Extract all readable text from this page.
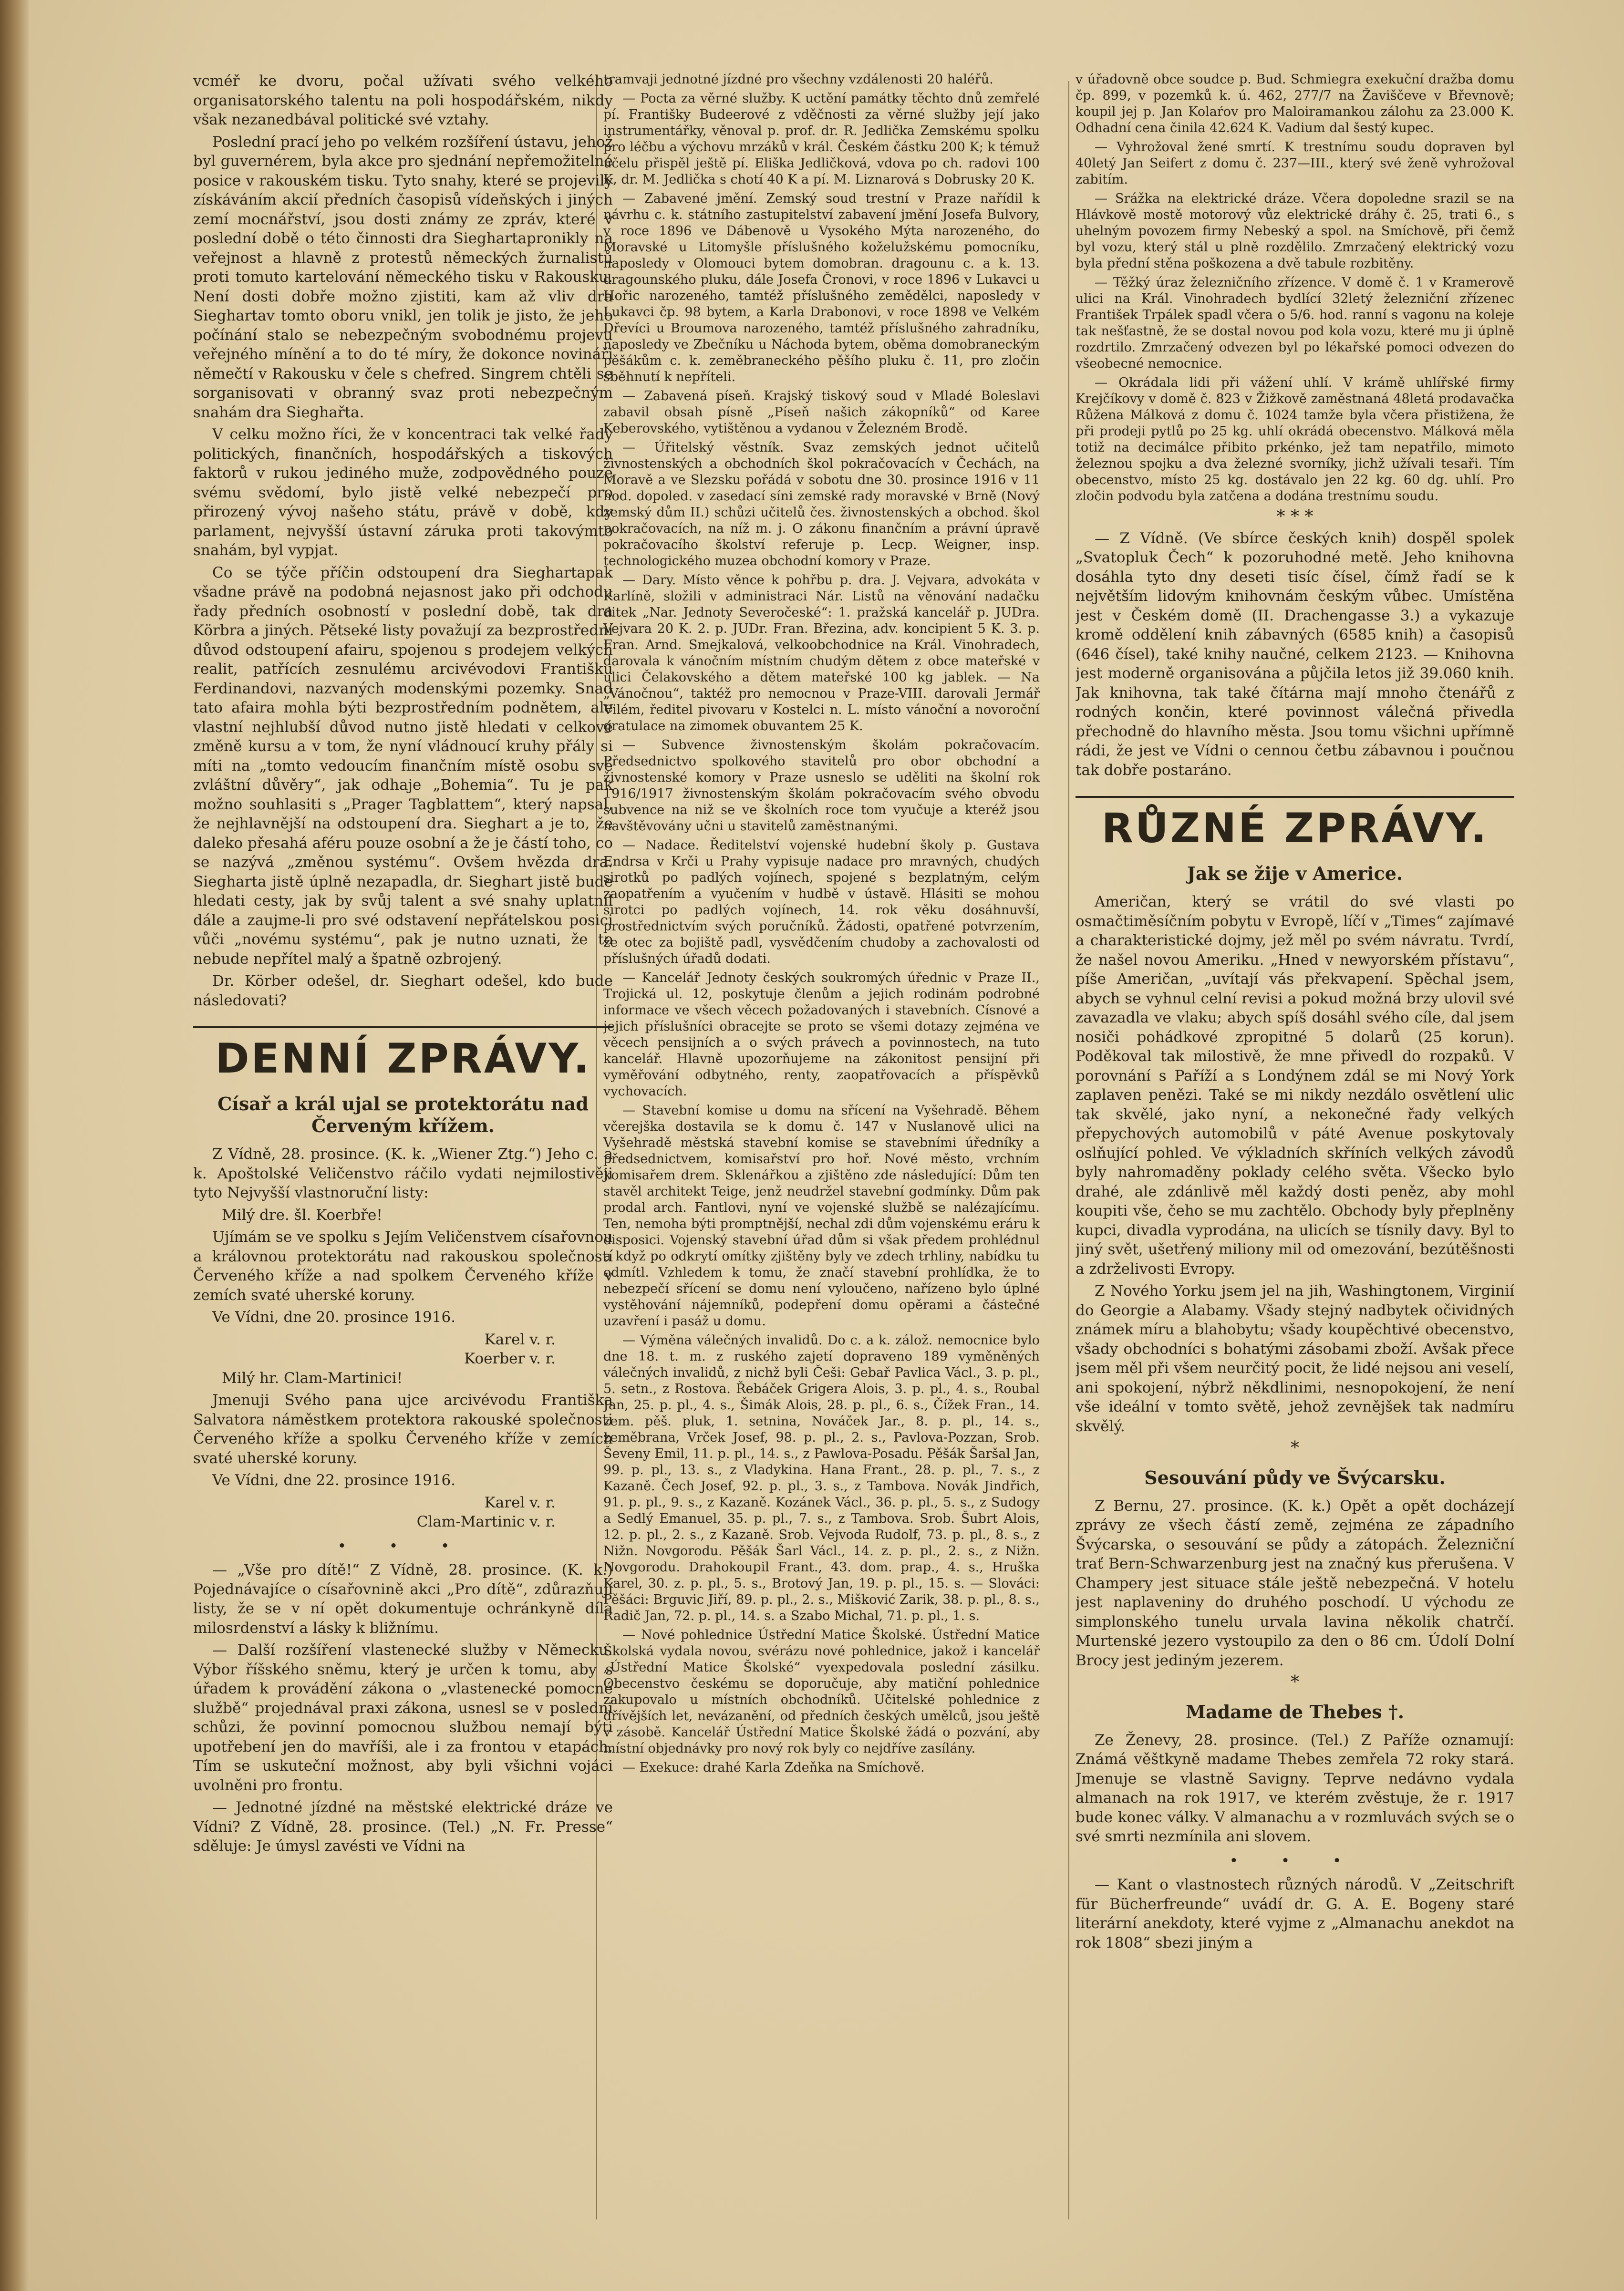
vcméř ke dvoru, počal užívati svého velkého organisatorského talentu na poli hospodářském, nikdy však nezanedbával politické své vztahy.

Poslední prací jeho po velkém rozšíření ústavu, jehož byl guvernérem, byla akce pro sjednání nepřemožitelné posice v rakouském tisku. Tyto snahy, které se projevily získáváním akcií předních časopisů vídeňských i jiných zemí mocnářství, jsou dosti známy ze zpráv, které v poslední době o této činnosti dra Sieghartapronikly na veřejnost a hlavně z protestů německých žurnalistů proti tomuto kartelování německého tisku v Rakousku. Není dosti dobře možno zjistiti, kam až vliv dra Sieghartav tomto oboru vnikl, jen tolik je jisto, že jeho počínání stalo se nebezpečným svobodnému projevu veřejného mínění a to do té míry, že dokonce novináři němečtí v Rakousku v čele s chefred. Singrem chtěli se sorganisovati v obranný svaz proti nebezpečným snahám dra Sieghařta.

V celku možno říci, že v koncentraci tak velké řady politických, finančních, hospodářských a tiskových faktorů v rukou jediného muže, zodpovědného pouze svému svědomí, bylo jistě velké nebezpečí pro přirozený vývoj našeho státu, právě v době, kdy parlament, nejvyšší ústavní záruka proti takovýmto snahám, byl vypjat.

Co se týče příčin odstoupení dra Sieghartapak všadne právě na podobná nejasnost jako při odchodu řady předních osobností v poslední době, tak dra Körbra a jiných. Pětseké listy považují za bezprostřední důvod odstoupení afairu, spojenou s prodejem velkých realit, patřících zesnulému arcivévodovi Františku Ferdinandovi, nazvaných modenskými pozemky. Snad tato afaira mohla býti bezprostředním podnětem, ale vlastní nejhlubší důvod nutno jistě hledati v celkové změně kursu a v tom, že nyní vládnoucí kruhy přály si míti na „tomto vedoucím finančním místě osobu své zvláštní důvěry“, jak odhaje „Bohemia“. Tu je pak možno souhlasiti s „Prager Tagblattem“, který napsal, že nejhlavnější na odstoupení dra. Sieghart a je to, že daleko přesahá aféru pouze osobní a že je částí toho, co se nazývá „změnou systému“. Ovšem hvězda dra. Siegharta jistě úplně nezapadla, dr. Sieghart jistě bude hledati cesty, jak by svůj talent a své snahy uplatnil dále a zaujme-li pro své odstavení nepřátelskou posici vůči „novému systému“, pak je nutno uznati, že to nebude nepřítel malý a špatně ozbrojený.

Dr. Körber odešel, dr. Sieghart odešel, kdo bude následovati?

DENNÍ ZPRÁVY.
Císař a král ujal se protektorátu nad Červeným křížem.

Z Vídně, 28. prosince. (K. k. „Wiener Ztg.“) Jeho c. a k. Apoštolské Veličenstvo ráčilo vydati nejmilostivěji tyto Nejvyšší vlastnoruční listy:

Milý dre. šl. Koerbře!

Ujímám se ve spolku s Jejím Veličenstvem císařovnou a královnou protektorátu nad rakouskou společností Červeného kříže a nad spolkem Červeného kříže v zemích svaté uherské koruny.

Ve Vídni, dne 20. prosince 1916.

Karel v. r.

Koerber v. r.

Milý hr. Clam-Martinici!

Jmenuji Svého pana ujce arcivévodu Františka Salvatora náměstkem protektora rakouské společnosti Červeného kříže a spolku Červeného kříže v zemích svaté uherské koruny.

Ve Vídni, dne 22. prosince 1916.

Karel v. r.

Clam-Martinic v. r.

• • •

— „Vše pro dítě!“ Z Vídně, 28. prosince. (K. k.) Pojednávajíce o císařovnině akci „Pro dítě“, zdůrazňují listy, že se v ní opět dokumentuje ochránkyně díla milosrdenství a lásky k bližnímu.

— Další rozšíření vlastenecké služby v Německu. Výbor říšského sněmu, který je určen k tomu, aby s úřadem k provádění zákona o „vlastenecké pomocné službě“ projednával praxi zákona, usnesl se v poslední schůzi, že povinní pomocnou službou nemají býti upotřebení jen do mavříši, ale i za frontou v etapách. Tím se uskuteční možnost, aby byli všichni vojáci uvolněni pro frontu.

— Jednotné jízdné na městské elektrické dráze ve Vídni? Z Vídně, 28. prosince. (Tel.) „N. Fr. Presse“ sděluje: Je úmysl zavésti ve Vídni na

tramvaji jednotné jízdné pro všechny vzdálenosti 20 haléřů.

— Pocta za věrné služby. K uctění památky těchto dnů zemřelé pí. Františky Budeerové z vděčnosti za věrné služby její jako instrumentářky, věnoval p. prof. dr. R. Jedlička Zemskému spolku pro léčbu a výchovu mrzáků v král. Českém částku 200 K; k témuž účelu přispěl ještě pí. Eliška Jedličková, vdova po ch. radovi 100 K, dr. M. Jedlička s chotí 40 K a pí. M. Liznarová s Dobrusky 20 K.

— Zabavené jmění. Zemský soud trestní v Praze nařídil k návrhu c. k. státního zastupitelství zabavení jmění Josefa Bulvory, v roce 1896 ve Dábenově u Vysokého Mýta narozeného, do Moravské u Litomyšle příslušného koželužskému pomocníku, naposledy v Olomouci bytem domobran. dragounu c. a k. 13. dragounského pluku, dále Josefa Čronovi, v roce 1896 v Lukavci u Hořic narozeného, tamtéž příslušného zemědělci, naposledy v Lukavci čp. 98 bytem, a Karla Drabonovi, v roce 1898 ve Velkém Dřevíci u Broumova narozeného, tamtéž příslušného zahradníku, naposledy ve Zbečníku u Náchoda bytem, oběma domobraneckým pěšákům c. k. zeměbraneckého pěšího pluku č. 11, pro zločin sběhnutí k nepříteli.

— Zabavená píseň. Krajský tiskový soud v Mladé Boleslavi zabavil obsah písně „Píseň našich zákopníků“ od Karee Keberovského, vytištěnou a vydanou v Železném Brodě.

— Úřitelský věstník. Svaz zemských jednot učitelů živnostenských a obchodních škol pokračovacích v Čechách, na Moravě a ve Slezsku pořádá v sobotu dne 30. prosince 1916 v 11 hod. dopoled. v zasedací síni zemské rady moravské v Brně (Nový zemský dům II.) schůzi učitelů čes. živnostenských a obchod. škol pokračovacích, na níž m. j. O zákonu finančním a právní úpravě pokračovacího školství referuje p. Lecp. Weigner, insp. technologického muzea obchodní komory v Praze.

— Dary. Místo věnce k pohřbu p. dra. J. Vejvara, advokáta v Karlíně, složili v administraci Nár. Listů na věnování nadačku ditek „Nar. Jednoty Severočeské“: 1. pražská kancelář p. JUDra. Vejvara 20 K. 2. p. JUDr. Fran. Březina, adv. koncipient 5 K. 3. p. Fran. Arnd. Smejkalová, velkoobchodnice na Král. Vinohradech, darovala k vánočním místním chudým dětem z obce mateřské v ulici Čelakovského a dětem mateřské 100 kg jablek. — Na „Vánočnou“, taktéž pro nemocnou v Praze-VIII. darovali Jermář Vilém, ředitel pivovaru v Kostelci n. L. místo vánoční a novoroční gratulace na zimomek obuvantem 25 K.

— Subvence živnostenským školám pokračovacím. Předsednictvo spolkového stavitelů pro obor obchodní a živnostenské komory v Praze usneslo se uděliti na školní rok 1916/1917 živnostenským školám pokračovacím svého obvodu subvence na niž se ve školních roce tom vyučuje a kteréž jsou navštěvovány učni u stavitelů zaměstnanými.

— Nadace. Ředitelství vojenské hudební školy p. Gustava Endrsa v Krči u Prahy vypisuje nadace pro mravných, chudých sirotků po padlých vojínech, spojené s bezplatným, celým zaopatřením a vyučením v hudbě v ústavě. Hlásiti se mohou sirotci po padlých vojínech, 14. rok věku dosáhnuvší, prostřednictvím svých poručníků. Žádosti, opatřené potvrzením, že otec za bojiště padl, vysvědčením chudoby a zachovalosti od příslušných úřadů dodati.

— Kancelář Jednoty českých soukromých úřednic v Praze II., Trojická ul. 12, poskytuje členům a jejich rodinám podrobné informace ve všech věcech požadovaných i stavebních. Císnové a jejich příslušníci obracejte se proto se všemi dotazy zejména ve věcech pensijních a o svých právech a povinnostech, na tuto kancelář. Hlavně upozorňujeme na zákonitost pensijní při vyměřování odbytného, renty, zaopatřovacích a příspěvků vychovacích.

— Stavební komise u domu na sřícení na Vyšehradě. Během včerejška dostavila se k domu č. 147 v Nuslanově ulici na Vyšehradě městská stavební komise se stavebními úředníky a předsednictvem, komisařství pro hoř. Nové město, vrchním komisařem drem. Sklenářkou a zjištěno zde následující: Dům ten stavěl architekt Teige, jenž neudržel stavební godmínky. Dům pak prodal arch. Fantlovi, nyní ve vojenské službě se nalézajícímu. Ten, nemoha býti promptnější, nechal zdi dům vojenskému eráru k disposici. Vojenský stavební úřad dům si však předem prohlédnul a když po odkrytí omítky zjištěny byly ve zdech trhliny, nabídku tu odmítl. Vzhledem k tomu, že značí stavební prohlídka, že to nebezpečí sřícení se domu není vyloučeno, nařízeno bylo úplné vystěhování nájemníků, podepření domu opěrami a částečné uzavření i pasáž u domu.

— Výměna válečných invalidů. Do c. a k. zálož. nemocnice bylo dne 18. t. m. z ruského zajetí dopraveno 189 vyměněných válečných invalidů, z nichž byli Češi: Gebař Pavlica Václ., 3. p. pl., 5. setn., z Rostova. Řebáček Grigera Alois, 3. p. pl., 4. s., Roubal Jan, 25. p. pl., 4. s., Šimák Alois, 28. p. pl., 6. s., Čížek Fran., 14. zem. pěš. pluk, 1. setnina, Nováček Jar., 8. p. pl., 14. s., zeměbrana, Vrček Josef, 98. p. pl., 2. s., Pavlova-Pozzan, Srob. Ševeny Emil, 11. p. pl., 14. s., z Pawlova-Posadu. Pěšák Šaršal Jan, 99. p. pl., 13. s., z Vladykina. Hana Frant., 28. p. pl., 7. s., z Kazaně. Čech Josef, 92. p. pl., 3. s., z Tambova. Novák Jindřich, 91. p. pl., 9. s., z Kazaně. Kozánek Václ., 36. p. pl., 5. s., z Sudogy a Sedlý Emanuel, 35. p. pl., 7. s., z Tambova. Srob. Šubrt Alois, 12. p. pl., 2. s., z Kazaně. Srob. Vejvoda Rudolf, 73. p. pl., 8. s., z Nižn. Novgorodu. Pěšák Šarl Václ., 14. z. p. pl., 2. s., z Nižn. Novgorodu. Drahokoupil Frant., 43. dom. prap., 4. s., Hruška Karel, 30. z. p. pl., 5. s., Brotový Jan, 19. p. pl., 15. s. — Slováci: Pěšáci: Brguvic Jiří, 89. p. pl., 2. s., Mišković Zarik, 38. p. pl., 8. s., Radič Jan, 72. p. pl., 14. s. a Szabo Michal, 71. p. pl., 1. s.

— Nové pohlednice Ústřední Matice Školské. Ústřední Matice Školská vydala novou, svérázu nové pohlednice, jakož i kancelář „Ústřední Matice Školské“ vyexpedovala poslední zásilku. Obecenstvo českému se doporučuje, aby matiční pohlednice zakupovalo u místních obchodníků. Učitelské pohlednice z dřívějších let, nevázanění, od předních českých umělců, jsou ještě v zásobě. Kancelář Ústřední Matice Školské žádá o pozvání, aby místní objednávky pro nový rok byly co nejdříve zasílány.

— Exekuce: drahé Karla Zdeňka na Smíchově.

v úřadovně obce soudce p. Bud. Schmiegra exekuční dražba domu čp. 899, v pozemků k. ú. 462, 277/7 na Žaviščeve v Břevnově; koupil jej p. Jan Kolaŕov pro Maloiramankou zálohu za 23.000 K. Odhadní cena činila 42.624 K. Vadium dal šestý kupec.

— Vyhrožoval žené smrtí. K trestnímu soudu dopraven byl 40letý Jan Seifert z domu č. 237—III., který své ženě vyhrožoval zabitím.

— Srážka na elektrické dráze. Včera dopoledne srazil se na Hlávkově mostě motorový vůz elektrické dráhy č. 25, trati 6., s uhelným povozem firmy Nebeský a spol. na Smíchově, při čemž byl vozu, který stál u plně rozdělilo. Zmrzačený elektrický vozu byla přední stěna poškozena a dvě tabule rozbitěny.

— Těžký úraz železničního zřízence. V domě č. 1 v Kramerově ulici na Král. Vinohradech bydlící 32letý železniční zřízenec František Trpálek spadl včera o 5/6. hod. ranní s vagonu na koleje tak nešťastně, že se dostal novou pod kola vozu, které mu ji úplně rozdrtilo. Zmrzačený odvezen byl po lékařské pomoci odvezen do všeobecné nemocnice.

— Okrádala lidi při vážení uhlí. V krámě uhlířské firmy Krejčíkovy v domě č. 823 v Žižkově zaměstnaná 48letá prodavačka Růžena Málková z domu č. 1024 tamže byla včera přistižena, že při prodeji pytlů po 25 kg. uhlí okrádá obecenstvo. Málková měla totiž na decimálce přibito prkénko, jež tam nepatřilo, mimoto železnou spojku a dva železné svorníky, jichž užívali tesaři. Tím obecenstvo, místo 25 kg. dostávalo jen 22 kg. 60 dg. uhlí. Pro zločin podvodu byla zatčena a dodána trestnímu soudu.

* * *

— Z Vídně. (Ve sbírce českých knih) dospěl spolek „Svatopluk Čech“ k pozoruhodné metě. Jeho knihovna dosáhla tyto dny deseti tisíc čísel, čímž řadí se k největším lidovým knihovnám českým vůbec. Umístěna jest v Českém domě (II. Drachengasse 3.) a vykazuje kromě oddělení knih zábavných (6585 knih) a časopisů (646 čísel), také knihy naučné, celkem 2123. — Knihovna jest moderně organisována a půjčila letos již 39.060 knih. Jak knihovna, tak také čítárna mají mnoho čtenářů z rodných končin, které povinnost válečná přivedla přechodně do hlavního města. Jsou tomu všichni upřímně rádi, že jest ve Vídni o cennou četbu zábavnou i poučnou tak dobře postaráno.

RŮZNÉ ZPRÁVY.
Jak se žije v Americe.

Američan, který se vrátil do své vlasti po osmačtiměsíčním pobytu v Evropě, líčí v „Times“ zajímavé a charakteristické dojmy, jež měl po svém návratu. Tvrdí, že našel novou Ameriku. „Hned v newyorském přístavu“, píše Američan, „uvítají vás překvapení. Spěchal jsem, abych se vyhnul celní revisi a pokud možná brzy ulovil své zavazadla ve vlaku; abych spíš dosáhl svého cíle, dal jsem nosiči pohádkové zpropitné 5 dolarů (25 korun). Poděkoval tak milostivě, že mne přivedl do rozpaků. V porovnání s Paříží a s Londýnem zdál se mi Nový York zaplaven penězi. Také se mi nikdy nezdálo osvětlení ulic tak skvělé, jako nyní, a nekonečné řady velkých přepychových automobilů v páté Avenue poskytovaly oslňující pohled. Ve výkladních skříních velkých závodů byly nahromaděny poklady celého světa. Všecko bylo drahé, ale zdánlivě měl každý dosti peněz, aby mohl koupiti vše, čeho se mu zachtělo. Obchody byly přeplněny kupci, divadla vyprodána, na ulicích se tísnily davy. Byl to jiný svět, ušetřený miliony mil od omezování, bezútěšnosti a zdrželivosti Evropy.

Z Nového Yorku jsem jel na jih, Washingtonem, Virginií do Georgie a Alabamy. Všady stejný nadbytek očividných známek míru a blahobytu; všady koupěchtivé obecenstvo, všady obchodníci s bohatými zásobami zboží. Avšak přece jsem měl při všem neurčitý pocit, že lidé nejsou ani veselí, ani spokojení, nýbrž někdlinimi, nesnopokojení, že není vše ideální v tomto světě, jehož zevnějšek tak nadmíru skvělý.

*
Sesouvání půdy ve Švýcarsku.

Z Bernu, 27. prosince. (K. k.) Opět a opět docházejí zprávy ze všech částí země, zejména ze západního Švýcarska, o sesouvání se půdy a zátopách. Železniční trať Bern-Schwarzenburg jest na značný kus přerušena. V Champery jest situace stále ještě nebezpečná. V hotelu jest naplaveniny do druhého poschodí. U východu ze simplonského tunelu urvala lavina několik chatrčí. Murtenské jezero vystoupilo za den o 86 cm. Údolí Dolní Brocy jest jediným jezerem.

*
Madame de Thebes †.

Ze Ženevy, 28. prosince. (Tel.) Z Paříže oznamují: Známá věštkyně madame Thebes zemřela 72 roky stará. Jmenuje se vlastně Savigny. Teprve nedávno vydala almanach na rok 1917, ve kterém zvěstuje, že r. 1917 bude konec války. V almanachu a v rozmluvách svých se o své smrti nezmínila ani slovem.

• • •

— Kant o vlastnostech různých národů. V „Zeitschrift für Bücherfreunde“ uvádí dr. G. A. E. Bogeny staré literární anekdoty, které vyjme z „Almanachu anekdot na rok 1808“ sbezi jiným a
